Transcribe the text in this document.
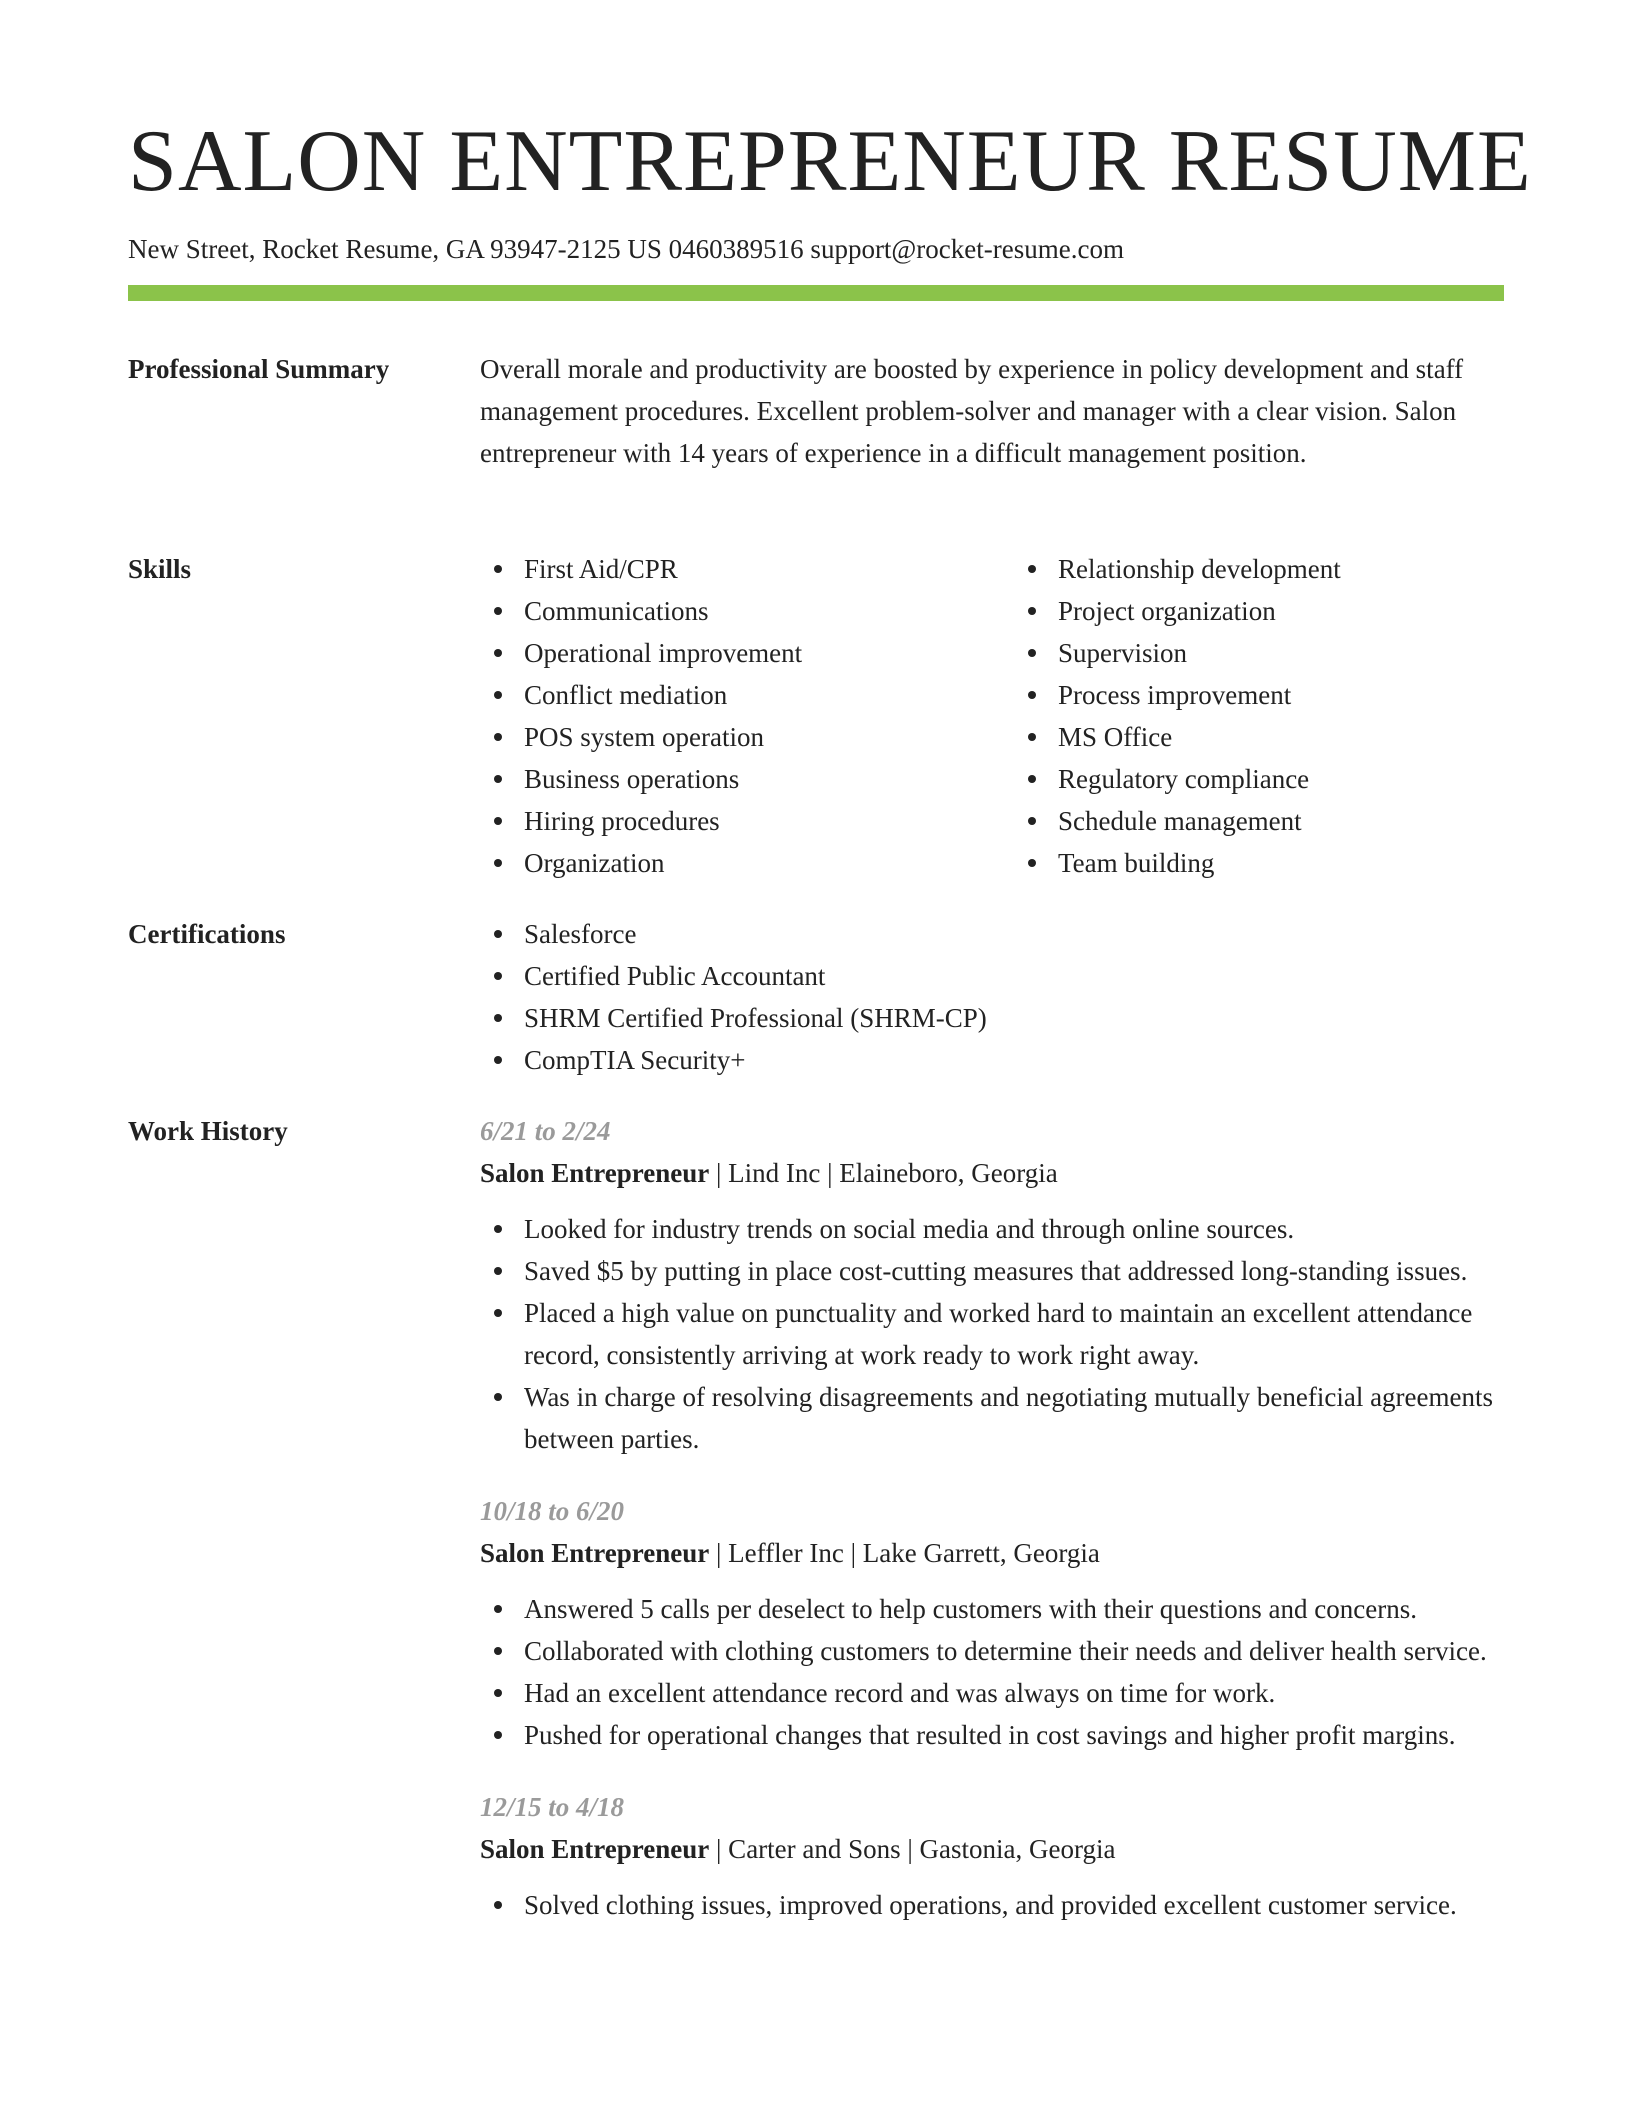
SALON ENTREPRENEUR RESUME
New Street, Rocket Resume, GA 93947-2125 US 0460389516 support@rocket-resume.com
Professional Summary	Overall morale and productivity are boosted by experience in policy development and staff management procedures. Excellent problem-solver and manager with a clear vision. Salon entrepreneur with 14 years of experience in a difficult management position.

Skills	First Aid/CPR
Communications
Operational improvement
Conflict mediation
POS system operation
Business operations
Hiring procedures
Organization
Relationship development
Project organization
Supervision
Process improvement
MS Office
Regulatory compliance
Schedule management
Team building
Certifications	Salesforce
Certified Public Accountant
SHRM Certified Professional (SHRM-CP)
CompTIA Security+
Work History	6/21 to 2/24
Salon Entrepreneur | Lind Inc | Elaineboro, Georgia
Looked for industry trends on social media and through online sources.
Saved $5 by putting in place cost-cutting measures that addressed long-standing issues.
Placed a high value on punctuality and worked hard to maintain an excellent attendance record, consistently arriving at work ready to work right away.
Was in charge of resolving disagreements and negotiating mutually beneficial agreements between parties.
10/18 to 6/20
Salon Entrepreneur | Leffler Inc | Lake Garrett, Georgia
Answered 5 calls per deselect to help customers with their questions and concerns.
Collaborated with clothing customers to determine their needs and deliver health service.
Had an excellent attendance record and was always on time for work.
Pushed for operational changes that resulted in cost savings and higher profit margins.
12/15 to 4/18
Salon Entrepreneur | Carter and Sons | Gastonia, Georgia
Solved clothing issues, improved operations, and provided excellent customer service.
